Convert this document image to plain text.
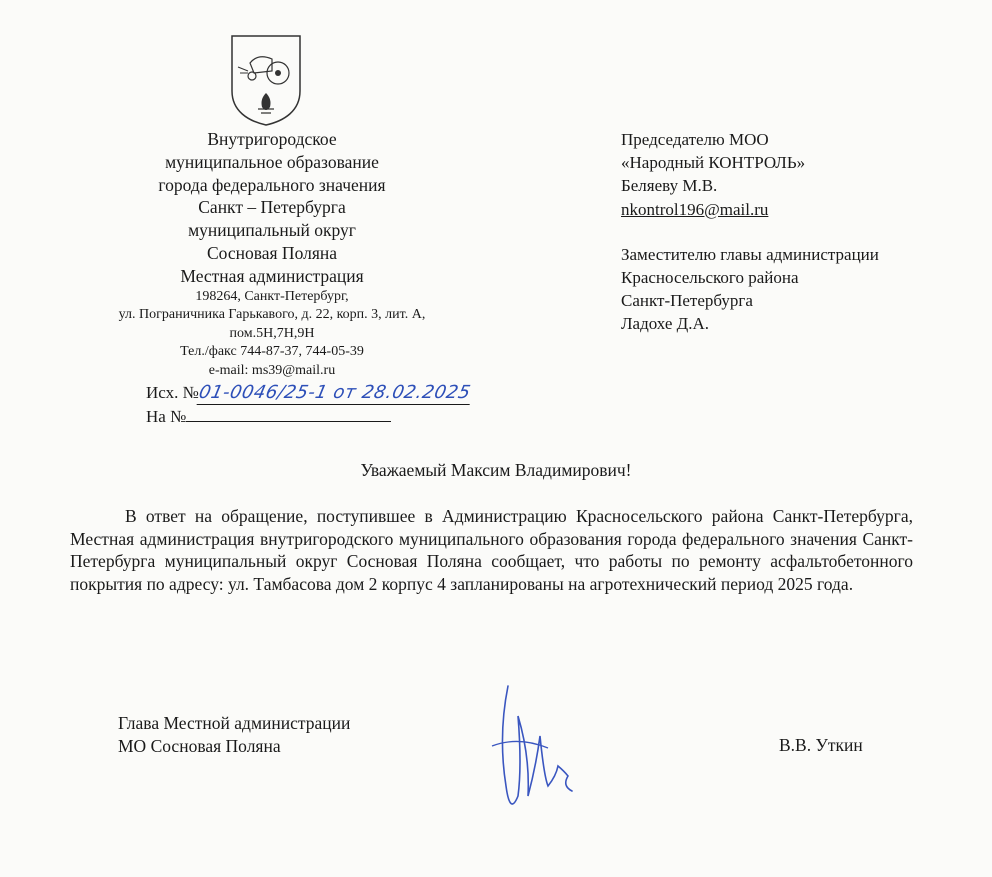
Внутригородское
муниципальное образование
города федерального значения
Санкт – Петербурга
муниципальный округ
Сосновая Поляна
Местная администрация
198264, Санкт-Петербург,
ул. Пограничника Гарькавого, д. 22, корп. 3, лит. А,
пом.5Н,7Н,9Н
Тел./факс 744-87-37, 744-05-39
e-mail: ms39@mail.ru
Председателю МОО
«Народный КОНТРОЛЬ»
Беляеву М.В.
nkontrol196@mail.ru
Заместителю главы администрации
Красносельского района
Санкт-Петербурга
Ладохе Д.А.
Исх. №01-0046/25-1 от 28.02.2025
На №
Уважаемый Максим Владимирович!
В ответ на обращение, поступившее в Администрацию Красносельского района Санкт-Петербурга, Местная администрация внутригородского муниципального образования города федерального значения Санкт-Петербурга муниципальный округ Сосновая Поляна сообщает, что работы по ремонту асфальтобетонного покрытия по адресу: ул. Тамбасова дом 2 корпус 4 запланированы на агротехнический период 2025 года.
Глава Местной администрации
МО Сосновая Поляна	В.В. Уткин
